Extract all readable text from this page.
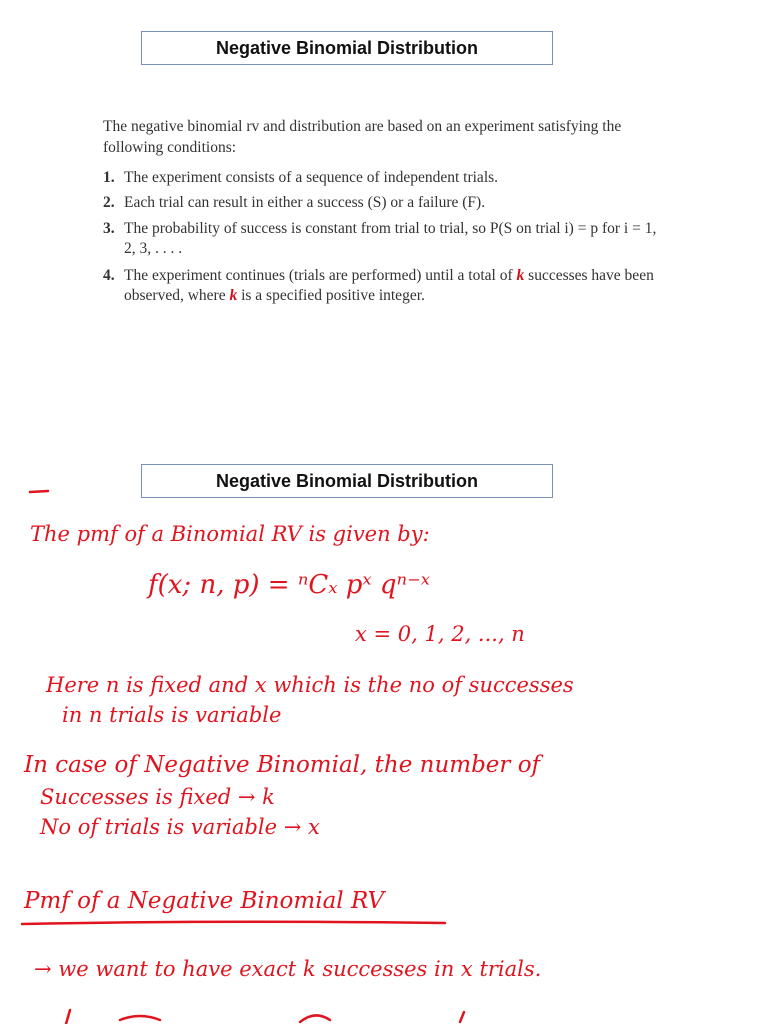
Negative Binomial Distribution
The negative binomial rv and distribution are based on an experiment satisfying the following conditions:
1. The experiment consists of a sequence of independent trials.
2. Each trial can result in either a success (S) or a failure (F).
3. The probability of success is constant from trial to trial, so P(S on trial i) = p for i = 1, 2, 3, . . . .
4. The experiment continues (trials are performed) until a total of k successes have been observed, where k is a specified positive integer.
Negative Binomial Distribution
The pmf of a Binomial RV is given by:
f(x; n, p) = ⁿCₓ pˣ qⁿ⁻ˣ
x = 0, 1, 2, ..., n
Here n is fixed and x which is the no of successes
in n trials is variable
In case of Negative Binomial, the number of
Successes is fixed → k
No of trials is variable → x
Pmf of a Negative Binomial RV
→ we want to have exact k successes in x trials.
